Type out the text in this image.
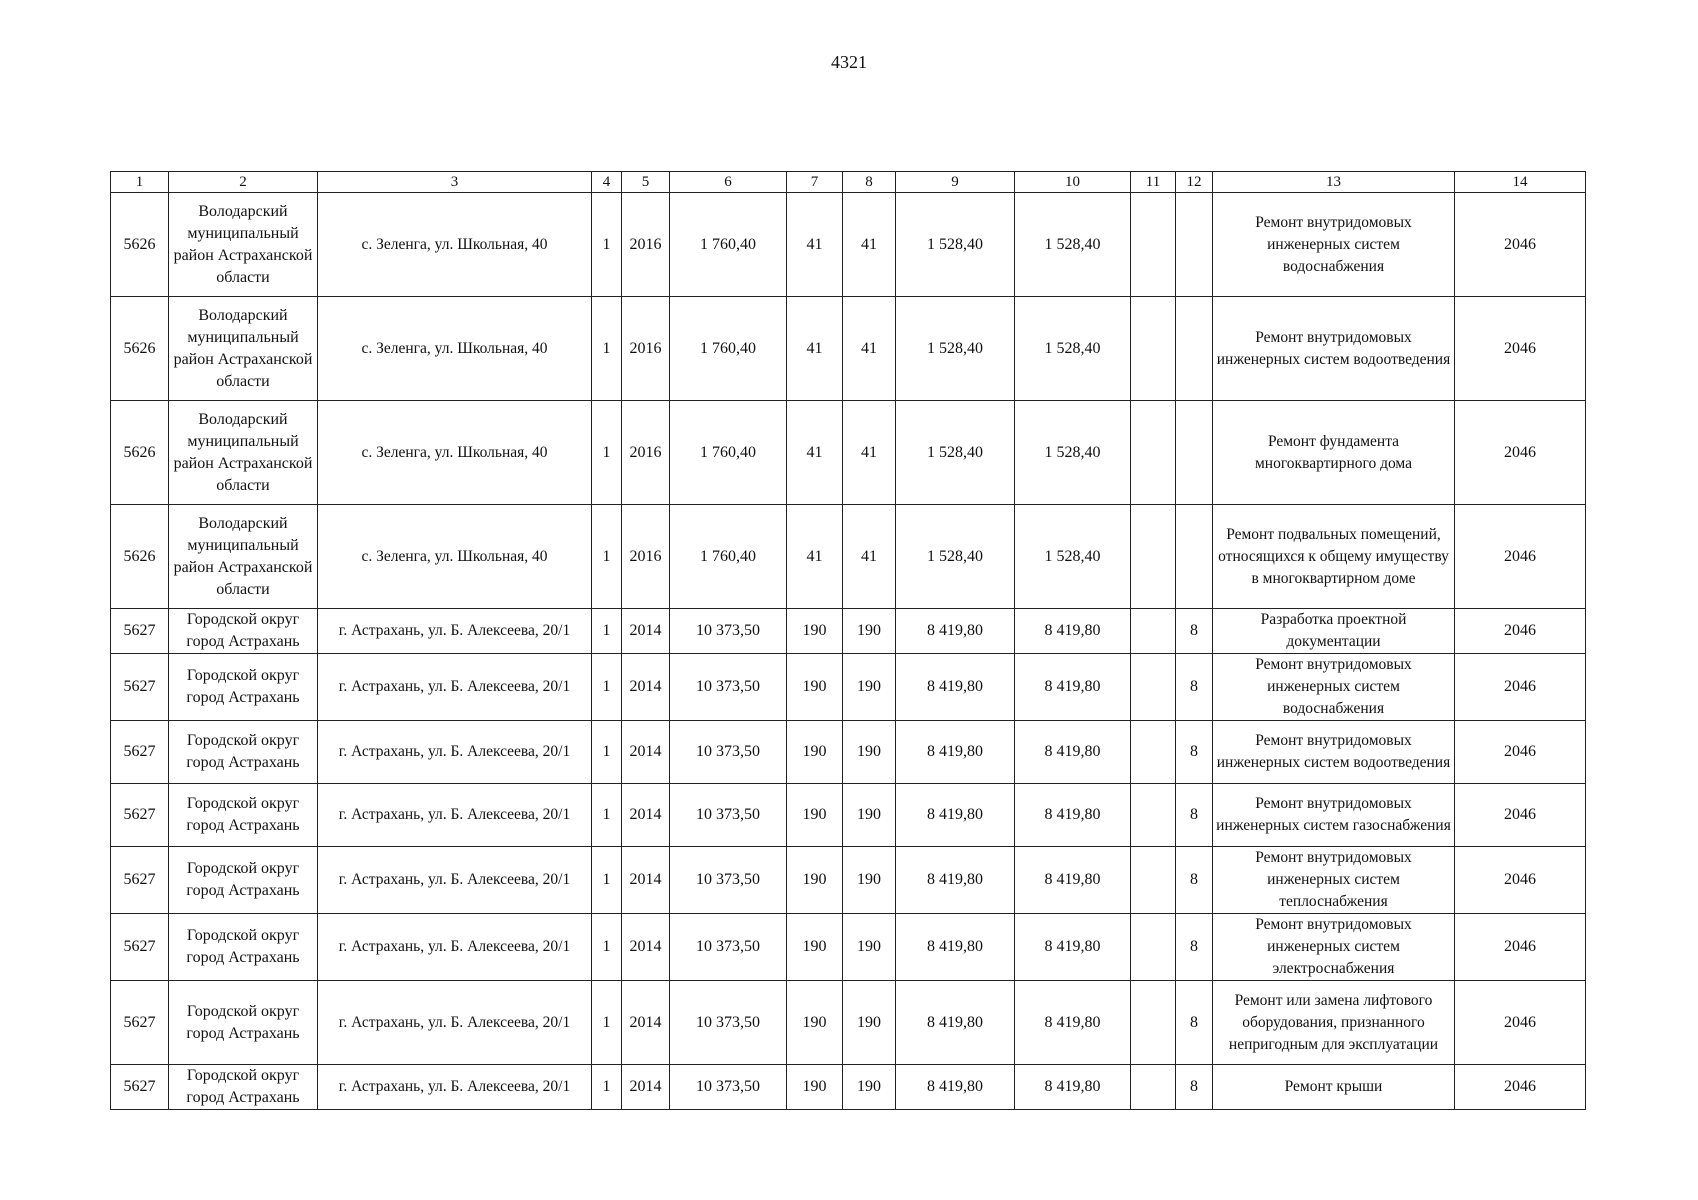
4321
1	2	3	4	5	6	7	8	9	10	11	12	13	14
5626	Володарский муниципальный район Астраханской области	с. Зеленга, ул. Школьная, 40	1	2016	1 760,40	41	41	1 528,40	1 528,40			Ремонт внутридомовых инженерных систем водоснабжения	2046
5626	Володарский муниципальный район Астраханской области	с. Зеленга, ул. Школьная, 40	1	2016	1 760,40	41	41	1 528,40	1 528,40			Ремонт внутридомовых инженерных систем водоотведения	2046
5626	Володарский муниципальный район Астраханской области	с. Зеленга, ул. Школьная, 40	1	2016	1 760,40	41	41	1 528,40	1 528,40			Ремонт фундамента многоквартирного дома	2046
5626	Володарский муниципальный район Астраханской области	с. Зеленга, ул. Школьная, 40	1	2016	1 760,40	41	41	1 528,40	1 528,40			Ремонт подвальных помещений, относящихся к общему имуществу в многоквартирном доме	2046
5627	Городской округ город Астрахань	г. Астрахань, ул. Б. Алексеева, 20/1	1	2014	10 373,50	190	190	8 419,80	8 419,80		8	Разработка проектной документации	2046
5627	Городской округ город Астрахань	г. Астрахань, ул. Б. Алексеева, 20/1	1	2014	10 373,50	190	190	8 419,80	8 419,80		8	Ремонт внутридомовых инженерных систем водоснабжения	2046
5627	Городской округ город Астрахань	г. Астрахань, ул. Б. Алексеева, 20/1	1	2014	10 373,50	190	190	8 419,80	8 419,80		8	Ремонт внутридомовых инженерных систем водоотведения	2046
5627	Городской округ город Астрахань	г. Астрахань, ул. Б. Алексеева, 20/1	1	2014	10 373,50	190	190	8 419,80	8 419,80		8	Ремонт внутридомовых инженерных систем газоснабжения	2046
5627	Городской округ город Астрахань	г. Астрахань, ул. Б. Алексеева, 20/1	1	2014	10 373,50	190	190	8 419,80	8 419,80		8	Ремонт внутридомовых инженерных систем теплоснабжения	2046
5627	Городской округ город Астрахань	г. Астрахань, ул. Б. Алексеева, 20/1	1	2014	10 373,50	190	190	8 419,80	8 419,80		8	Ремонт внутридомовых инженерных систем электроснабжения	2046
5627	Городской округ город Астрахань	г. Астрахань, ул. Б. Алексеева, 20/1	1	2014	10 373,50	190	190	8 419,80	8 419,80		8	Ремонт или замена лифтового оборудования, признанного непригодным для эксплуатации	2046
5627	Городской округ город Астрахань	г. Астрахань, ул. Б. Алексеева, 20/1	1	2014	10 373,50	190	190	8 419,80	8 419,80		8	Ремонт крыши	2046
